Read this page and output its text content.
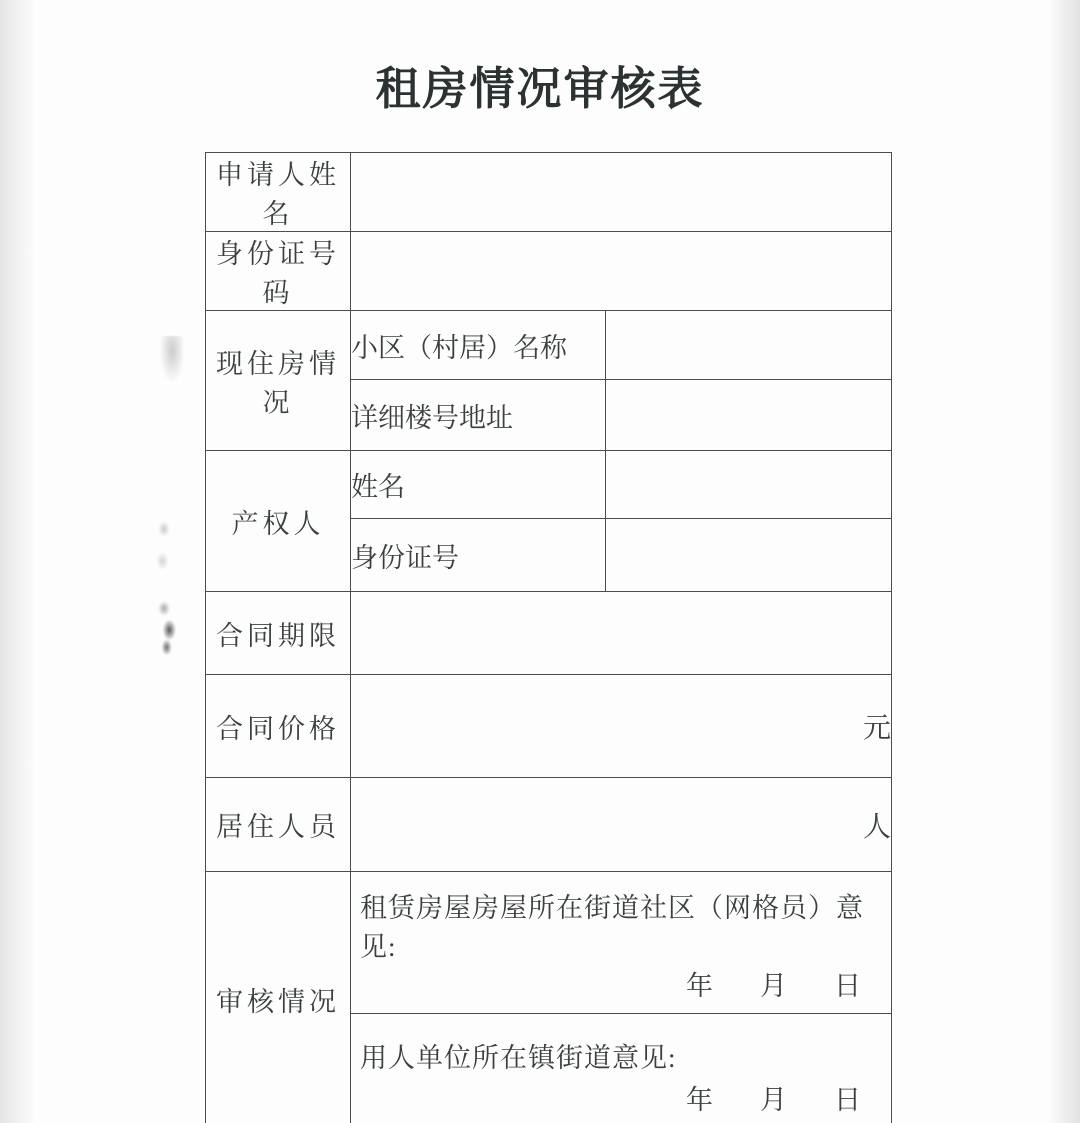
租房情况审核表
申请人姓名		
身份证号码		
现住房情况	小区（村居）名称	
	详细楼号地址	
产权人	姓名	
	身份证号	
合同期限		
合同价格	元	
居住人员	人	
审核情况	租赁房屋房屋所在街道社区（网格员）意见:
年 月 日	

	用人单位所在镇街道意见:
年 月 日	
